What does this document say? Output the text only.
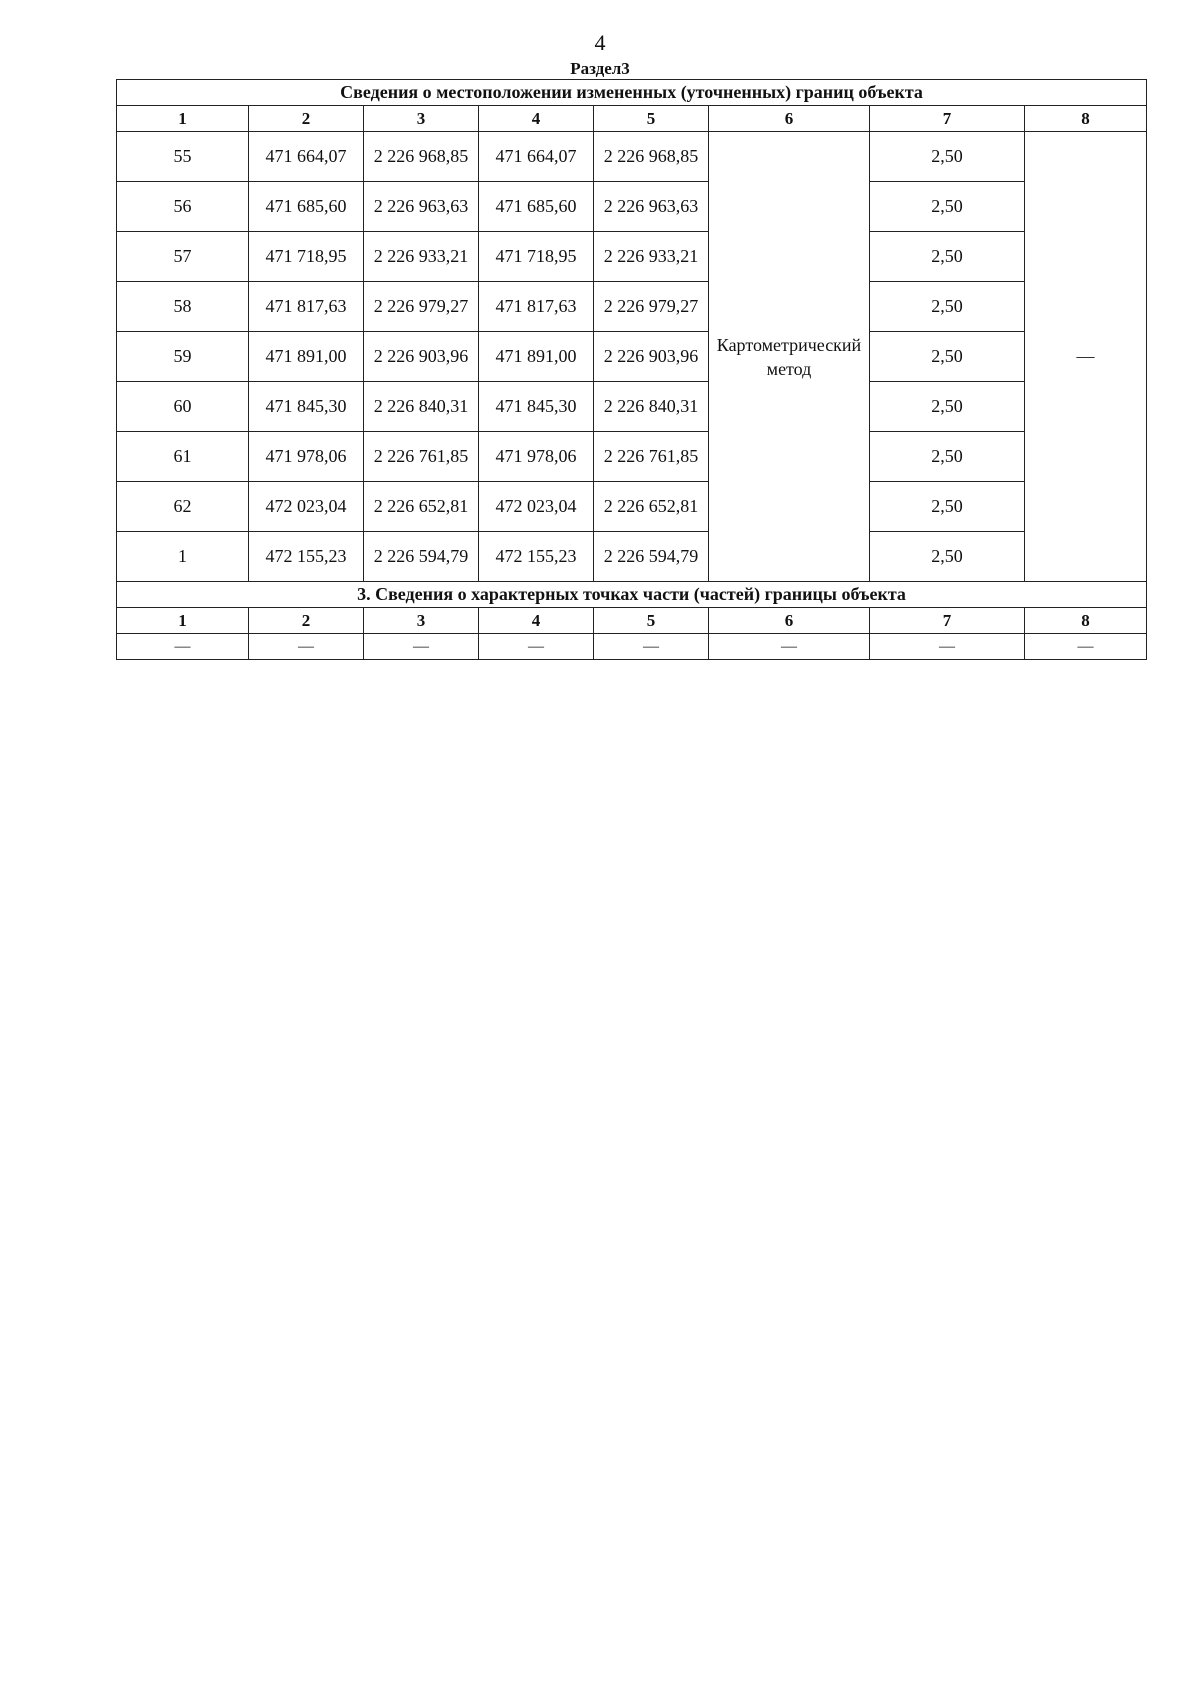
4
Раздел3
Сведения о местоположении измененных (уточненных) границ объекта							
1	2	3	4	5	6	7	8
55	471 664,07	2 226 968,85	471 664,07	2 226 968,85	Картометрический метод	2,50	—
56	471 685,60	2 226 963,63	471 685,60	2 226 963,63		2,50	
57	471 718,95	2 226 933,21	471 718,95	2 226 933,21		2,50	
58	471 817,63	2 226 979,27	471 817,63	2 226 979,27		2,50	
59	471 891,00	2 226 903,96	471 891,00	2 226 903,96		2,50	
60	471 845,30	2 226 840,31	471 845,30	2 226 840,31		2,50	
61	471 978,06	2 226 761,85	471 978,06	2 226 761,85		2,50	
62	472 023,04	2 226 652,81	472 023,04	2 226 652,81		2,50	
1	472 155,23	2 226 594,79	472 155,23	2 226 594,79		2,50	
3. Сведения о характерных точках части (частей) границы объекта							
1	2	3	4	5	6	7	8
—	—	—	—	—	—	—	—
